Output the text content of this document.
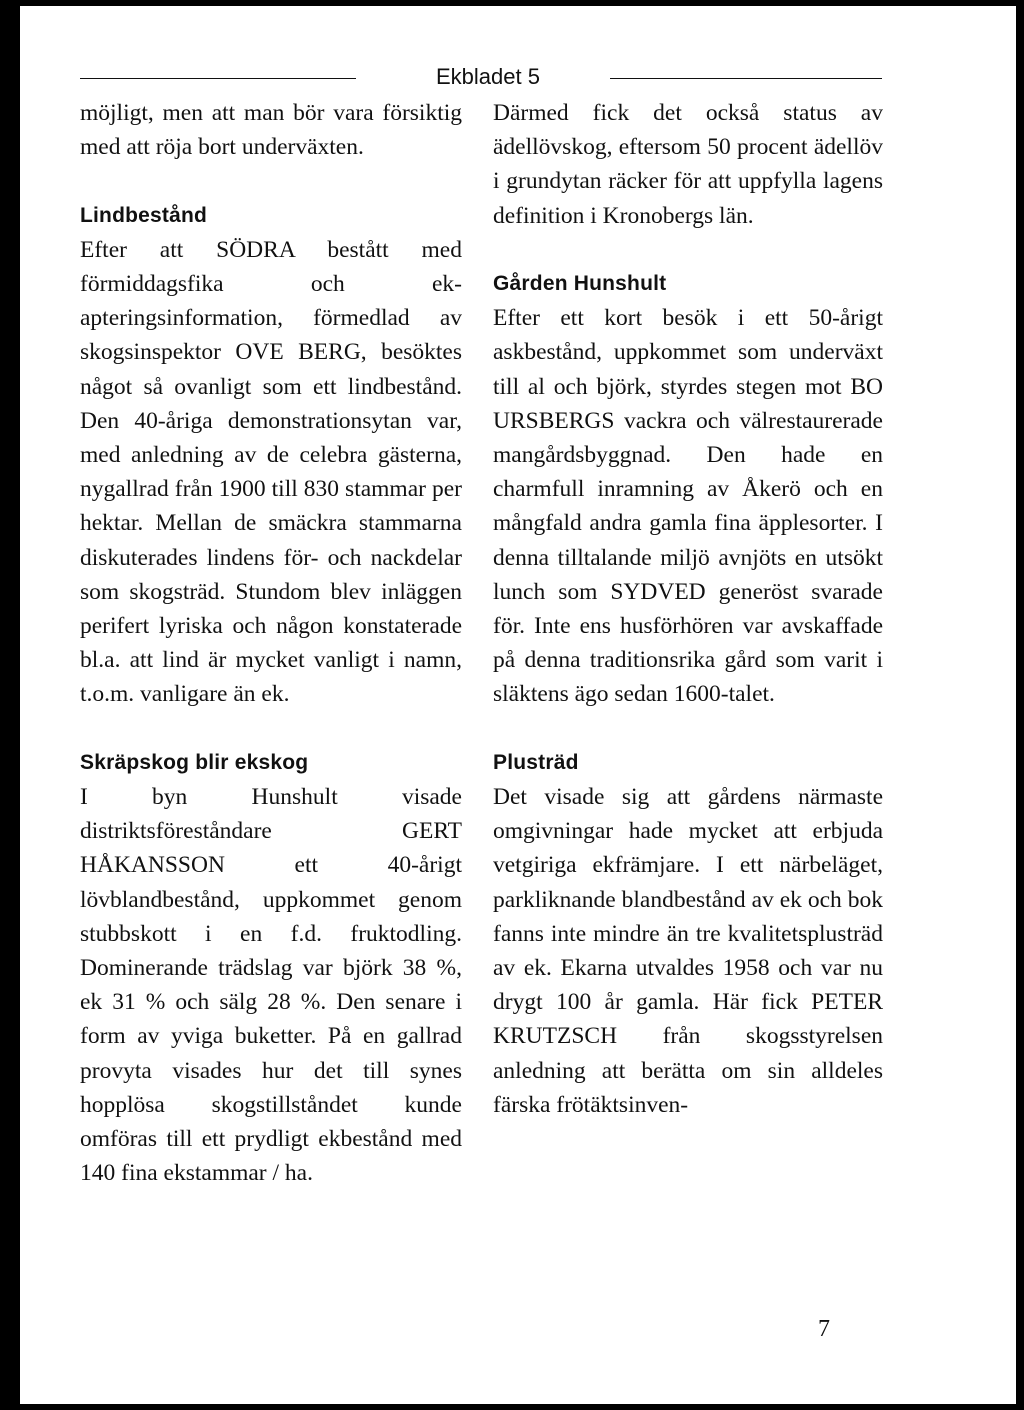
Ekbladet 5

möjligt, men att man bör vara försiktig med att röja bort underväxten.

Lindbestånd

Efter att SÖDRA bestått med förmiddagsfika och ek-apteringsinformation, förmedlad av skogsinspektor OVE BERG, besöktes något så ovanligt som ett lindbestånd. Den 40-åriga demonstrationsytan var, med anledning av de celebra gästerna, nygallrad från 1900 till 830 stammar per hektar. Mellan de smäckra stammarna diskuterades lindens för- och nackdelar som skogsträd. Stundom blev inläggen perifert lyriska och någon konstaterade bl.a. att lind är mycket vanligt i namn, t.o.m. vanligare än ek.

Skräpskog blir ekskog

I byn Hunshult visade distriktsföreståndare GERT HÅKANSSON ett 40-årigt lövblandbestånd, uppkommet genom stubbskott i en f.d. fruktodling. Dominerande trädslag var björk 38 %, ek 31 % och sälg 28 %. Den senare i form av yviga buketter. På en gallrad provyta visades hur det till synes hopplösa skogstillståndet kunde omföras till ett prydligt ekbestånd med 140 fina ekstammar / ha.

Därmed fick det också status av ädellövskog, eftersom 50 procent ädellöv i grundytan räcker för att uppfylla lagens definition i Kronobergs län.

Gården Hunshult

Efter ett kort besök i ett 50-årigt askbestånd, uppkommet som underväxt till al och björk, styrdes stegen mot BO URSBERGS vackra och välrestaurerade mangårdsbyggnad. Den hade en charmfull inramning av Åkerö och en mångfald andra gamla fina äpplesorter. I denna tilltalande miljö avnjöts en utsökt lunch som SYDVED generöst svarade för. Inte ens husförhören var avskaffade på denna traditionsrika gård som varit i släktens ägo sedan 1600-talet.

Plusträd

Det visade sig att gårdens närmaste omgivningar hade mycket att erbjuda vetgiriga ekfrämjare. I ett närbeläget, parkliknande blandbestånd av ek och bok fanns inte mindre än tre kvalitetsplusträd av ek. Ekarna utvaldes 1958 och var nu drygt 100 år gamla. Här fick PETER KRUTZSCH från skogsstyrelsen anledning att berätta om sin alldeles färska frötäktsinven-

7
